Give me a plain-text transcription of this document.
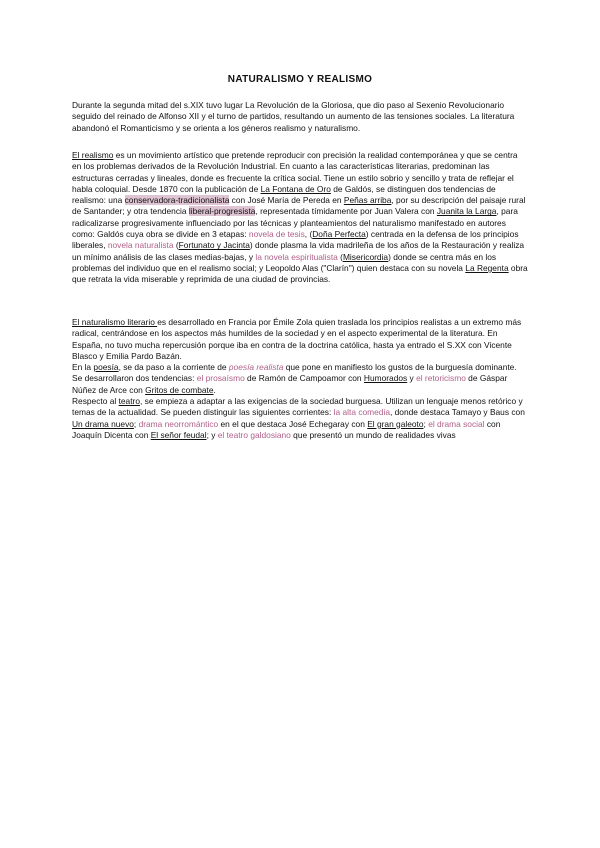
NATURALISMO Y REALISMO

Durante la segunda mitad del s.XIX tuvo lugar La Revolución de la Gloriosa, que dio paso al Sexenio Revolucionario seguido del reinado de Alfonso XII y el turno de partidos, resultando un aumento de las tensiones sociales. La literatura abandonó el Romanticismo y se orienta a los géneros realismo y naturalismo.

El realismo es un movimiento artístico que pretende reproducir con precisión la realidad contemporánea y que se centra en los problemas derivados de la Revolución Industrial. En cuanto a las características literarias, predominan las estructuras cerradas y lineales, donde es frecuente la crítica social. Tiene un estilo sobrio y sencillo y trata de reflejar el habla coloquial. Desde 1870 con la publicación de La Fontana de Oro de Galdós, se distinguen dos tendencias de realismo: una conservadora-tradicionalista con José María de Pereda en Peñas arriba, por su descripción del paisaje rural de Santander; y otra tendencia liberal-progresista, representada tímidamente por Juan Valera con Juanita la Larga, para radicalizarse progresivamente influenciado por las técnicas y planteamientos del naturalismo manifestado en autores como: Galdós cuya obra se divide en 3 etapas: novela de tesis, (Doña Perfecta) centrada en la defensa de los principios liberales, novela naturalista (Fortunato y Jacinta) donde plasma la vida madrileña de los años de la Restauración y realiza un mínimo análisis de las clases medias-bajas, y la novela espiritualista (Misericordia) donde se centra más en los problemas del individuo que en el realismo social; y Leopoldo Alas ("Clarín") quien destaca con su novela La Regenta obra que retrata la vida miserable y reprimida de una ciudad de provincias.

El naturalismo literario es desarrollado en Francia por Émile Zola quien traslada los principios realistas a un extremo más radical, centrándose en los aspectos más humildes de la sociedad y en el aspecto experimental de la literatura. En España, no tuvo mucha repercusión porque iba en contra de la doctrina católica, hasta ya entrado el S.XX con Vicente Blasco y Emilia Pardo Bazán.
En la poesía, se da paso a la corriente de poesía realista que pone en manifiesto los gustos de la burguesía dominante. Se desarrollaron dos tendencias: el prosaísmo de Ramón de Campoamor con Humorados y el retoricismo de Gáspar Núñez de Arce con Gritos de combate.
Respecto al teatro, se empieza a adaptar a las exigencias de la sociedad burguesa. Utilizan un lenguaje menos retórico y temas de la actualidad. Se pueden distinguir las siguientes corrientes: la alta comedia, donde destaca Tamayo y Baus con Un drama nuevo; drama neorromántico en el que destaca José Echegaray con El gran galeoto; el drama social con Joaquín Dicenta con El señor feudal; y el teatro galdosiano que presentó un mundo de realidades vivas
